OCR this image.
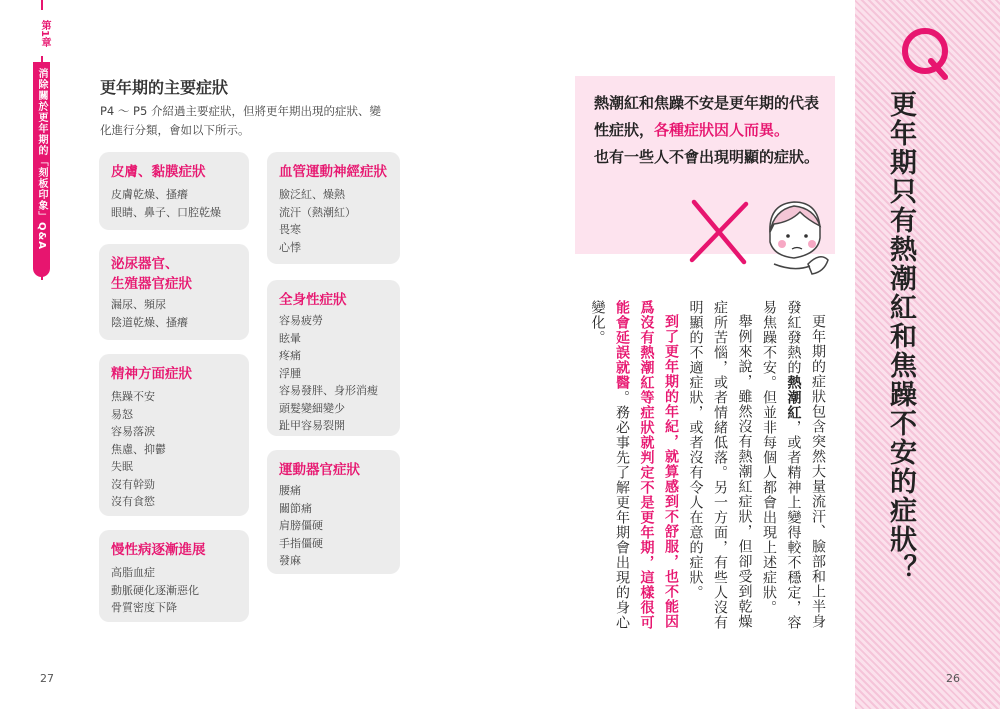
第1章
消除關於更年期的「刻板印象」Q&A	更年期的主要症狀
P4 ～ P5 介紹過主要症狀，但將更年期出現的症狀、變化進行分類，會如以下所示。
皮膚、黏膜症狀
皮膚乾燥、搔癢
眼睛、鼻子、口腔乾燥
泌尿器官、
生殖器官症狀
漏尿、頻尿
陰道乾燥、搔癢
精神方面症狀
焦躁不安
易怒
容易落淚
焦慮、抑鬱
失眠
沒有幹勁
沒有食慾
慢性病逐漸進展
高脂血症
動脈硬化逐漸惡化
骨質密度下降
血管運動神經症狀
臉泛紅、燥熱
流汗（熱潮紅）
畏寒
心悸
全身性症狀
容易疲勞
眩暈
疼痛
浮腫
容易發胖、身形消瘦
頭髮變細變少
趾甲容易裂開
運動器官症狀
腰痛
關節痛
肩膀僵硬
手指僵硬
發麻
27
更年期只有熱潮紅和焦躁不安的症狀？
熱潮紅和焦躁不安是更年期的代表性症狀，各種症狀因人而異。
也有一些人不會出現明顯的症狀。

更年期的症狀包含突然大量流汗、臉部和上半身發紅發熱的熱潮紅，或者精神上變得較不穩定，容易焦躁不安。但並非每個人都會出現上述症狀。

舉例來說，雖然沒有熱潮紅症狀，但卻受到乾燥症所苦惱，或者情緒低落。另一方面，有些人沒有明顯的不適症狀，或者沒有令人在意的症狀。

到了更年期的年紀，就算感到不舒服，也不能因爲沒有熱潮紅等症狀就判定不是更年期，這樣很可能會延誤就醫。務必事先了解更年期會出現的身心變化。

26
